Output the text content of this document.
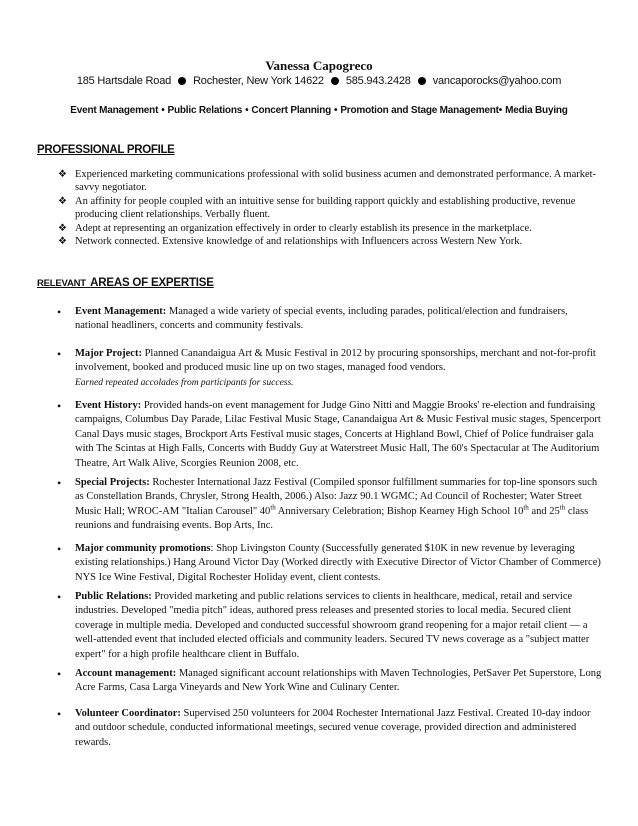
Vanessa Capogreco
185 Hartsdale Road Rochester, New York 14622 585.943.2428 vancaporocks@yahoo.com
Event Management • Public Relations • Concert Planning • Promotion and Stage Management• Media Buying
PROFESSIONAL PROFILE
❖ Experienced marketing communications professional with solid business acumen and demonstrated performance. A market-savvy negotiator.
❖ An affinity for people coupled with an intuitive sense for building rapport quickly and establishing productive, revenue producing client relationships. Verbally fluent.
❖ Adept at representing an organization effectively in order to clearly establish its presence in the marketplace.
❖ Network connected. Extensive knowledge of and relationships with Influencers across Western New York.
RELEVANT AREAS OF EXPERTISE
• Event Management: Managed a wide variety of special events, including parades, political/election and fundraisers, national headliners, concerts and community festivals.
• Major Project: Planned Canandaigua Art & Music Festival in 2012 by procuring sponsorships, merchant and not-for-profit involvement, booked and produced music line up on two stages, managed food vendors.
Earned repeated accolades from participants for success.
• Event History: Provided hands-on event management for Judge Gino Nitti and Maggie Brooks' re-election and fundraising campaigns, Columbus Day Parade, Lilac Festival Music Stage, Canandaigua Art & Music Festival music stages, Spencerport Canal Days music stages, Brockport Arts Festival music stages, Concerts at Highland Bowl, Chief of Police fundraiser gala with The Scintas at High Falls, Concerts with Buddy Guy at Waterstreet Music Hall, The 60's Spectacular at The Auditorium Theatre, Art Walk Alive, Scorgies Reunion 2008, etc.
• Special Projects: Rochester International Jazz Festival (Compiled sponsor fulfillment summaries for top-line sponsors such as Constellation Brands, Chrysler, Strong Health, 2006.) Also: Jazz 90.1 WGMC; Ad Council of Rochester; Water Street Music Hall; WROC-AM "Italian Carousel" 40th Anniversary Celebration; Bishop Kearney High School 10th and 25th class reunions and fundraising events. Bop Arts, Inc.
• Major community promotions: Shop Livingston County (Successfully generated $10K in new revenue by leveraging existing relationships.) Hang Around Victor Day (Worked directly with Executive Director of Victor Chamber of Commerce) NYS Ice Wine Festival, Digital Rochester Holiday event, client contests.
• Public Relations: Provided marketing and public relations services to clients in healthcare, medical, retail and service industries. Developed "media pitch" ideas, authored press releases and presented stories to local media. Secured client coverage in multiple media. Developed and conducted successful showroom grand reopening for a major retail client — a well-attended event that included elected officials and community leaders. Secured TV news coverage as a "subject matter expert" for a high profile healthcare client in Buffalo.
• Account management: Managed significant account relationships with Maven Technologies, PetSaver Pet Superstore, Long Acre Farms, Casa Larga Vineyards and New York Wine and Culinary Center.
• Volunteer Coordinator: Supervised 250 volunteers for 2004 Rochester International Jazz Festival. Created 10-day indoor and outdoor schedule, conducted informational meetings, secured venue coverage, provided direction and administered rewards.
